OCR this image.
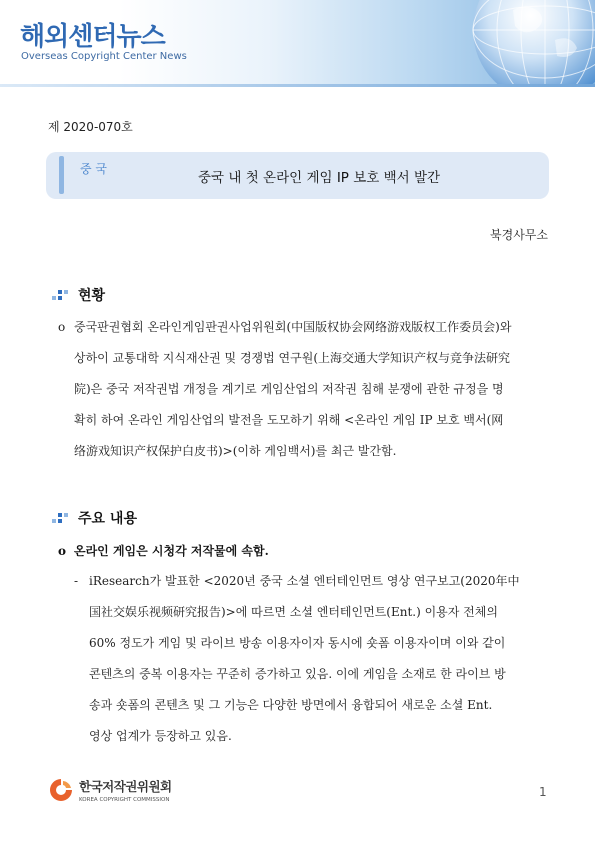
해외센터뉴스
Overseas Copyright Center News
제 2020-070호
중 국
중국 내 첫 온라인 게임 IP 보호 백서 발간
북경사무소
현황
ο 중국판권협회 온라인게임판권사업위원회(中国版权协会网络游戏版权工作委员会)와
상하이 교통대학 지식재산권 및 경쟁법 연구원(上海交通大学知识产权与竞争法研究
院)은 중국 저작권법 개정을 계기로 게임산업의 저작권 침해 분쟁에 관한 규정을 명
확히 하여 온라인 게임산업의 발전을 도모하기 위해 <온라인 게임 IP 보호 백서(网
络游戏知识产权保护白皮书)>(이하 게임백서)를 최근 발간함.
주요 내용
ο 온라인 게임은 시청각 저작물에 속함.
- iResearch가 발표한 <2020년 중국 소셜 엔터테인먼트 영상 연구보고(2020年中
国社交娱乐视频研究报告)>에 따르면 소셜 엔터테인먼트(Ent.) 이용자 전체의
60% 정도가 게임 및 라이브 방송 이용자이자 동시에 숏폼 이용자이며 이와 같이
콘텐츠의 중복 이용자는 꾸준히 증가하고 있음. 이에 게임을 소재로 한 라이브 방
송과 숏폼의 콘텐츠 및 그 기능은 다양한 방면에서 융합되어 새로운 소셜 Ent.
영상 업계가 등장하고 있음.
한국저작권위원회
KOREA COPYRIGHT COMMISSION
1
